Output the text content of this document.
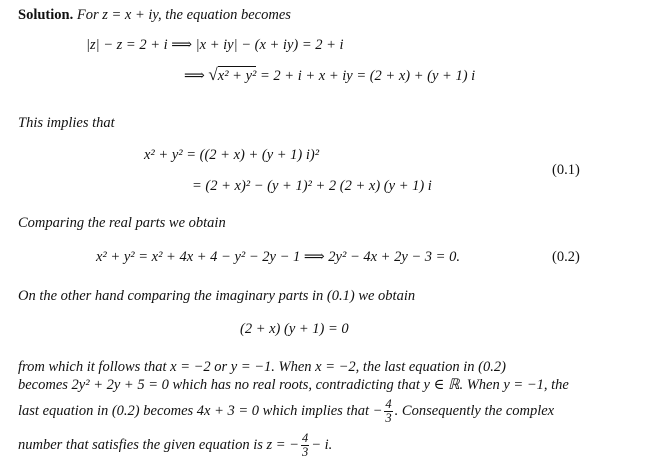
Solution. For z = x + iy, the equation becomes
|z| − z = 2 + i ⟹ |x + iy| − (x + iy) = 2 + i
⟹ √x² + y² = 2 + i + x + iy = (2 + x) + (y + 1) i
This implies that
x² + y² = ((2 + x) + (y + 1) i)²
= (2 + x)² − (y + 1)² + 2 (2 + x) (y + 1) i
(0.1)
Comparing the real parts we obtain
x² + y² = x² + 4x + 4 − y² − 2y − 1 ⟹ 2y² − 4x + 2y − 3 = 0.	(0.2)
On the other hand comparing the imaginary parts in (0.1) we obtain
(2 + x) (y + 1) = 0
from which it follows that x = −2 or y = −1. When x = −2, the last equation in (0.2)
becomes 2y² + 2y + 5 = 0 which has no real roots, contradicting that y ∈ ℝ. When y = −1, the
last equation in (0.2) becomes 4x + 3 = 0 which implies that − $\frac{4}{3}$ . Consequently the complex
number that satisfies the given equation is z = − $\frac{4}{3} - i$.
